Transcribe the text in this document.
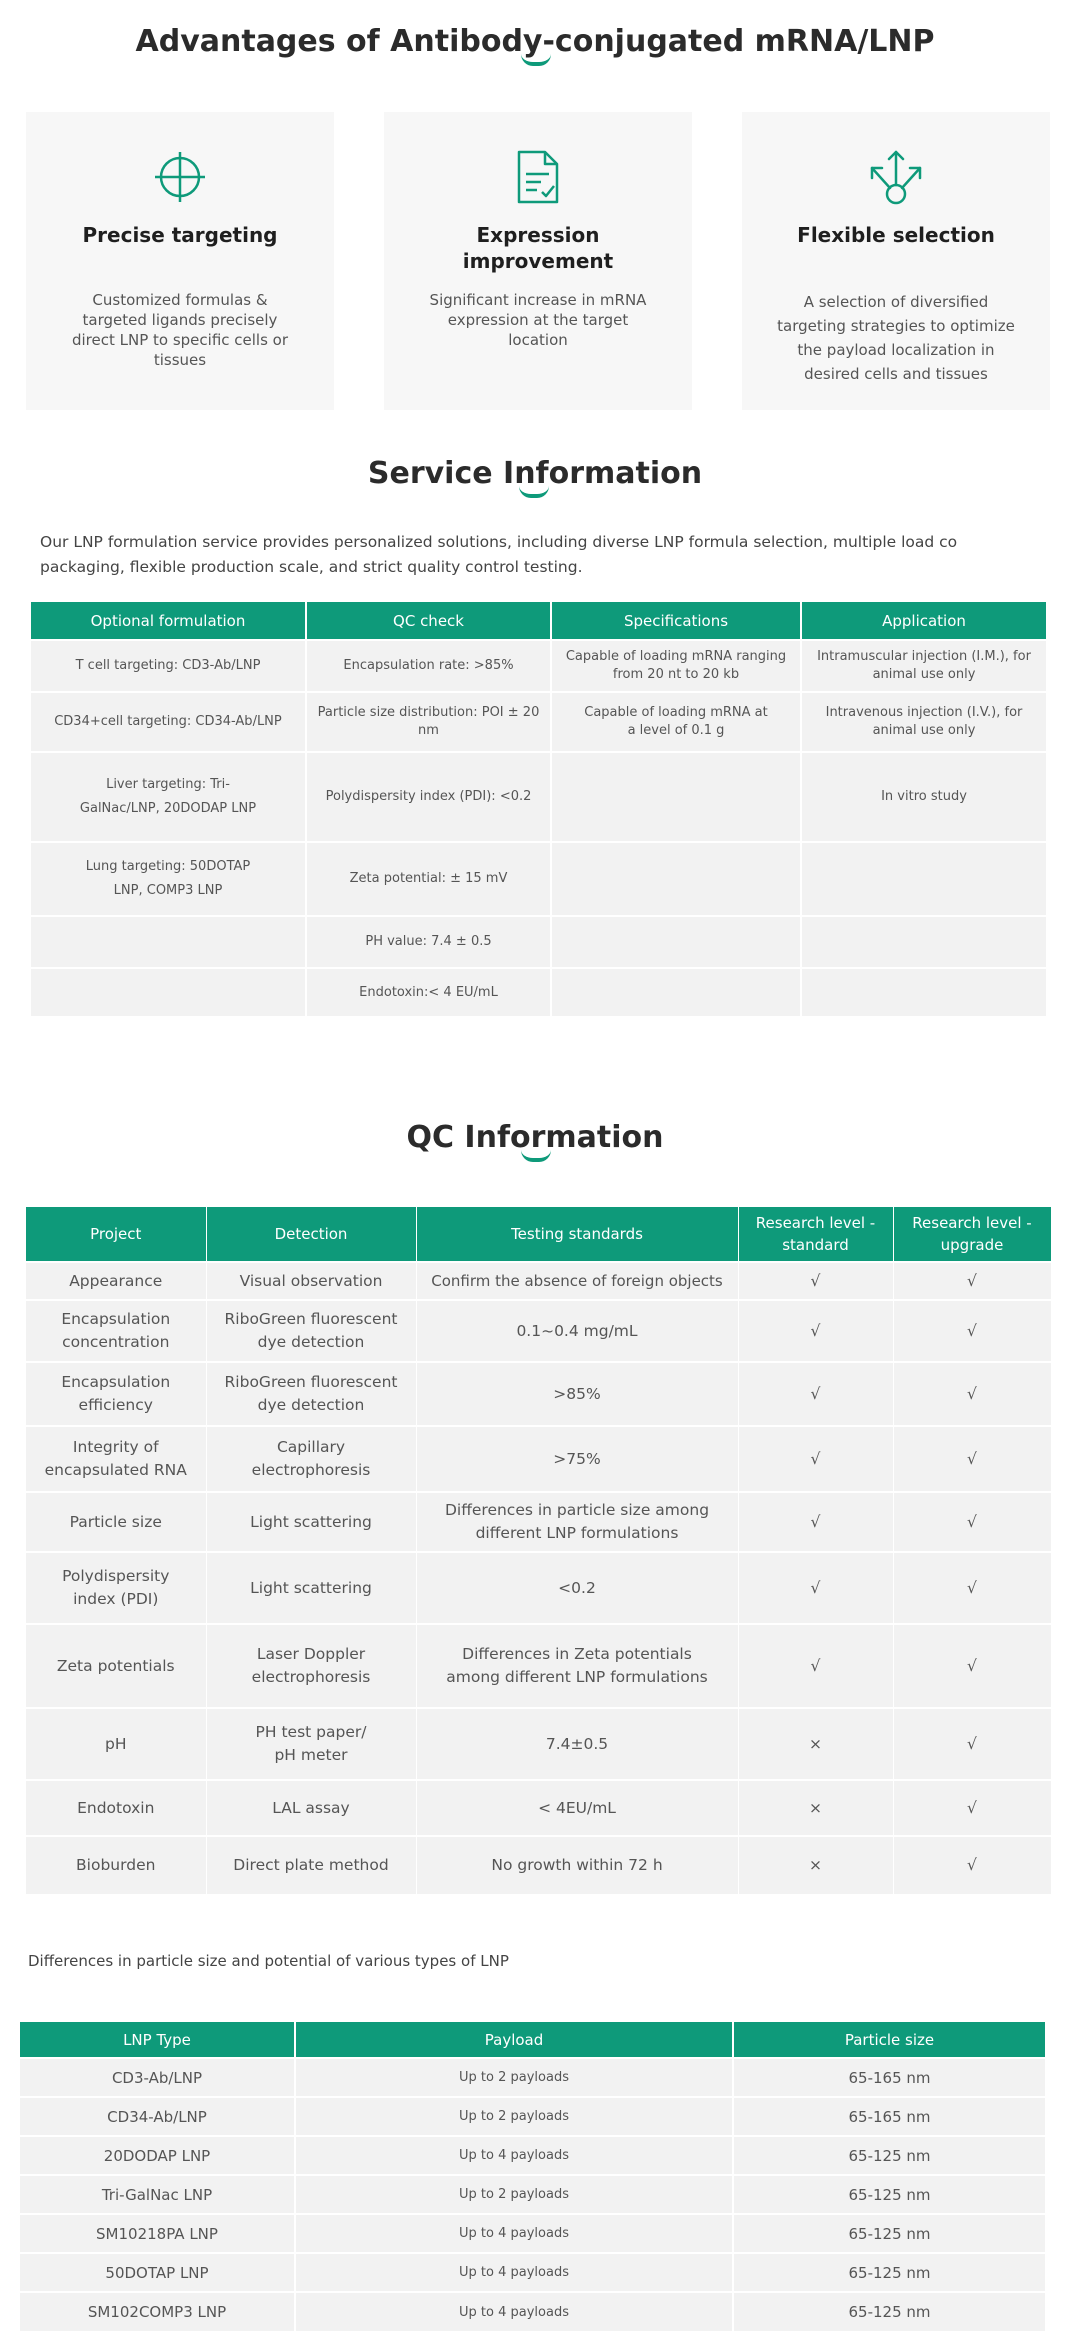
Advantages of Antibody-conjugated mRNA/LNP
Precise targeting
Customized formulas & targeted ligands precisely direct LNP to specific cells or tissues
Expression improvement
Significant increase in mRNA expression at the target location
Flexible selection
A selection of diversified targeting strategies to optimize the payload localization in desired cells and tissues
Service Information
Our LNP formulation service provides personalized solutions, including diverse LNP formula selection, multiple load co packaging, flexible production scale, and strict quality control testing.
Optional formulation	QC check	Specifications	Application
T cell targeting: CD3-Ab/LNP	Encapsulation rate: >85%	Capable of loading mRNA ranging from 20 nt to 20 kb	Intramuscular injection (I.M.), for animal use only
CD34+cell targeting: CD34-Ab/LNP	Particle size distribution: POI ± 20 nm	Capable of loading mRNA at a level of 0.1 g	Intravenous injection (I.V.), for animal use only
Liver targeting: Tri-GalNac/LNP, 20DODAP LNP	Polydispersity index (PDI): <0.2		In vitro study
Lung targeting: 50DOTAP LNP, COMP3 LNP	Zeta potential: ± 15 mV		
	PH value: 7.4 ± 0.5		
	Endotoxin:< 4 EU/mL		
QC Information
Project	Detection	Testing standards	Research level - standard	Research level - upgrade
Appearance	Visual observation	Confirm the absence of foreign objects	√	√
Encapsulation concentration	RiboGreen fluorescent dye detection	0.1~0.4 mg/mL	√	√
Encapsulation efficiency	RiboGreen fluorescent dye detection	>85%	√	√
Integrity of encapsulated RNA	Capillary electrophoresis	>75%	√	√
Particle size	Light scattering	Differences in particle size among different LNP formulations	√	√
Polydispersity index (PDI)	Light scattering	<0.2	√	√
Zeta potentials	Laser Doppler electrophoresis	Differences in Zeta potentials among different LNP formulations	√	√
pH	PH test paper/ pH meter	7.4±0.5	×	√
Endotoxin	LAL assay	< 4EU/mL	×	√
Bioburden	Direct plate method	No growth within 72 h	×	√
Differences in particle size and potential of various types of LNP
LNP Type	Payload	Particle size
CD3-Ab/LNP	Up to 2 payloads	65-165 nm
CD34-Ab/LNP	Up to 2 payloads	65-165 nm
20DODAP LNP	Up to 4 payloads	65-125 nm
Tri-GalNac LNP	Up to 2 payloads	65-125 nm
SM10218PA LNP	Up to 4 payloads	65-125 nm
50DOTAP LNP	Up to 4 payloads	65-125 nm
SM102COMP3 LNP	Up to 4 payloads	65-125 nm
